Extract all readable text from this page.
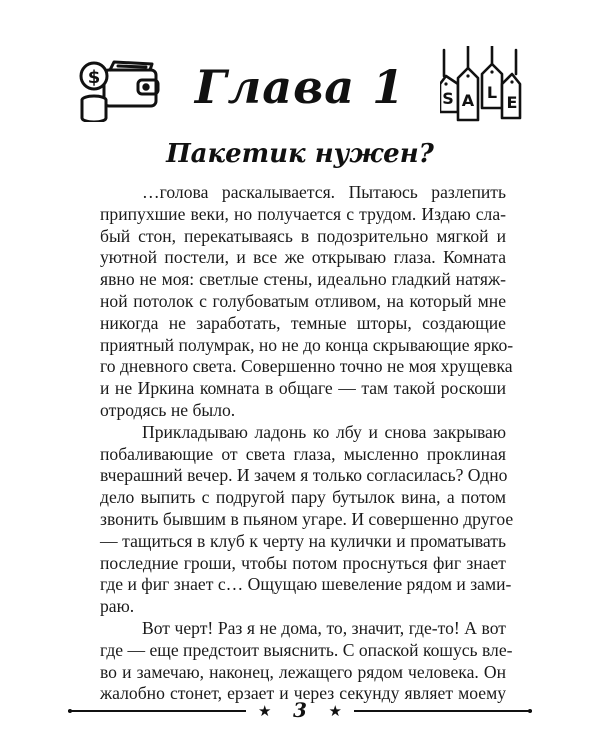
$	Глава 1	S A L
E
Пакетик нужен?
…голова раскалывается. Пытаюсь разлепить
припухшие веки, но получается с трудом. Издаю сла-
бый стон, перекатываясь в подозрительно мягкой и
уютной постели, и все же открываю глаза. Комната
явно не моя: светлые стены, идеально гладкий натяж-
ной потолок с голубоватым отливом, на который мне
никогда не заработать, темные шторы, создающие
приятный полумрак, но не до конца скрывающие ярко-
го дневного света. Совершенно точно не моя хрущевка
и не Иркина комната в общаге — там такой роскоши
отродясь не было.
Прикладываю ладонь ко лбу и снова закрываю
побаливающие от света глаза, мысленно проклиная
вчерашний вечер. И зачем я только согласилась? Одно
дело выпить с подругой пару бутылок вина, а потом
звонить бывшим в пьяном угаре. И совершенно другое
— тащиться в клуб к черту на кулички и проматывать
последние гроши, чтобы потом проснуться фиг знает
где и фиг знает с… Ощущаю шевеление рядом и зами-
раю.
Вот черт! Раз я не дома, то, значит, где-то! А вот
где — еще предстоит выяснить. С опаской кошусь вле-
во и замечаю, наконец, лежащего рядом человека. Он
жалобно стонет, ерзает и через секунду являет моему
★	3	★
